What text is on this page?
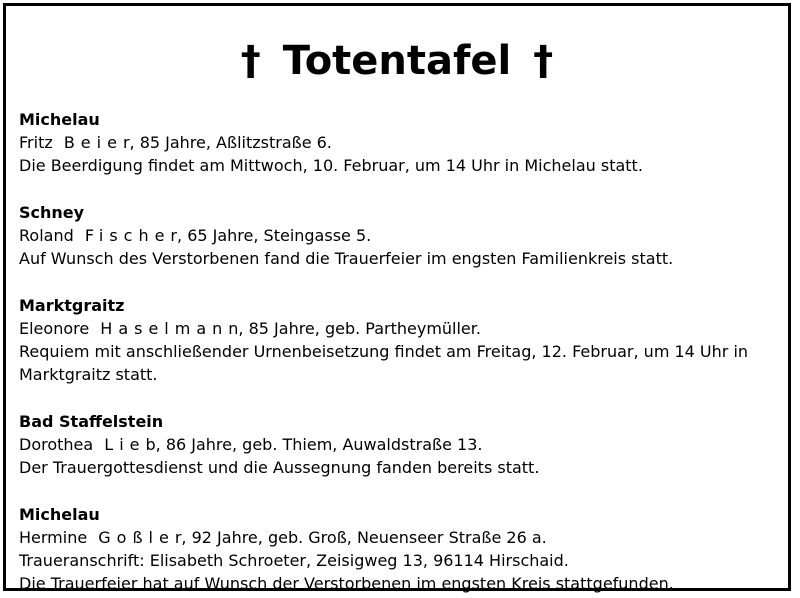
† Totentafel †
Michelau
Fritz Beier, 85 Jahre, Aßlitzstraße 6.
Die Beerdigung findet am Mittwoch, 10. Februar, um 14 Uhr in Michelau statt.
Schney
Roland Fischer, 65 Jahre, Steingasse 5.
Auf Wunsch des Verstorbenen fand die Trauerfeier im engsten Familienkreis statt.
Marktgraitz
Eleonore Haselmann, 85 Jahre, geb. Partheymüller.
Requiem mit anschließender Urnenbeisetzung findet am Freitag, 12. Februar, um 14 Uhr in Marktgraitz statt.
Bad Staffelstein
Dorothea Lieb, 86 Jahre, geb. Thiem, Auwaldstraße 13.
Der Trauergottesdienst und die Aussegnung fanden bereits statt.
Michelau
Hermine Goßler, 92 Jahre, geb. Groß, Neuenseer Straße 26 a.
Traueranschrift: Elisabeth Schroeter, Zeisigweg 13, 96114 Hirschaid.
Die Trauerfeier hat auf Wunsch der Verstorbenen im engsten Kreis stattgefunden.
